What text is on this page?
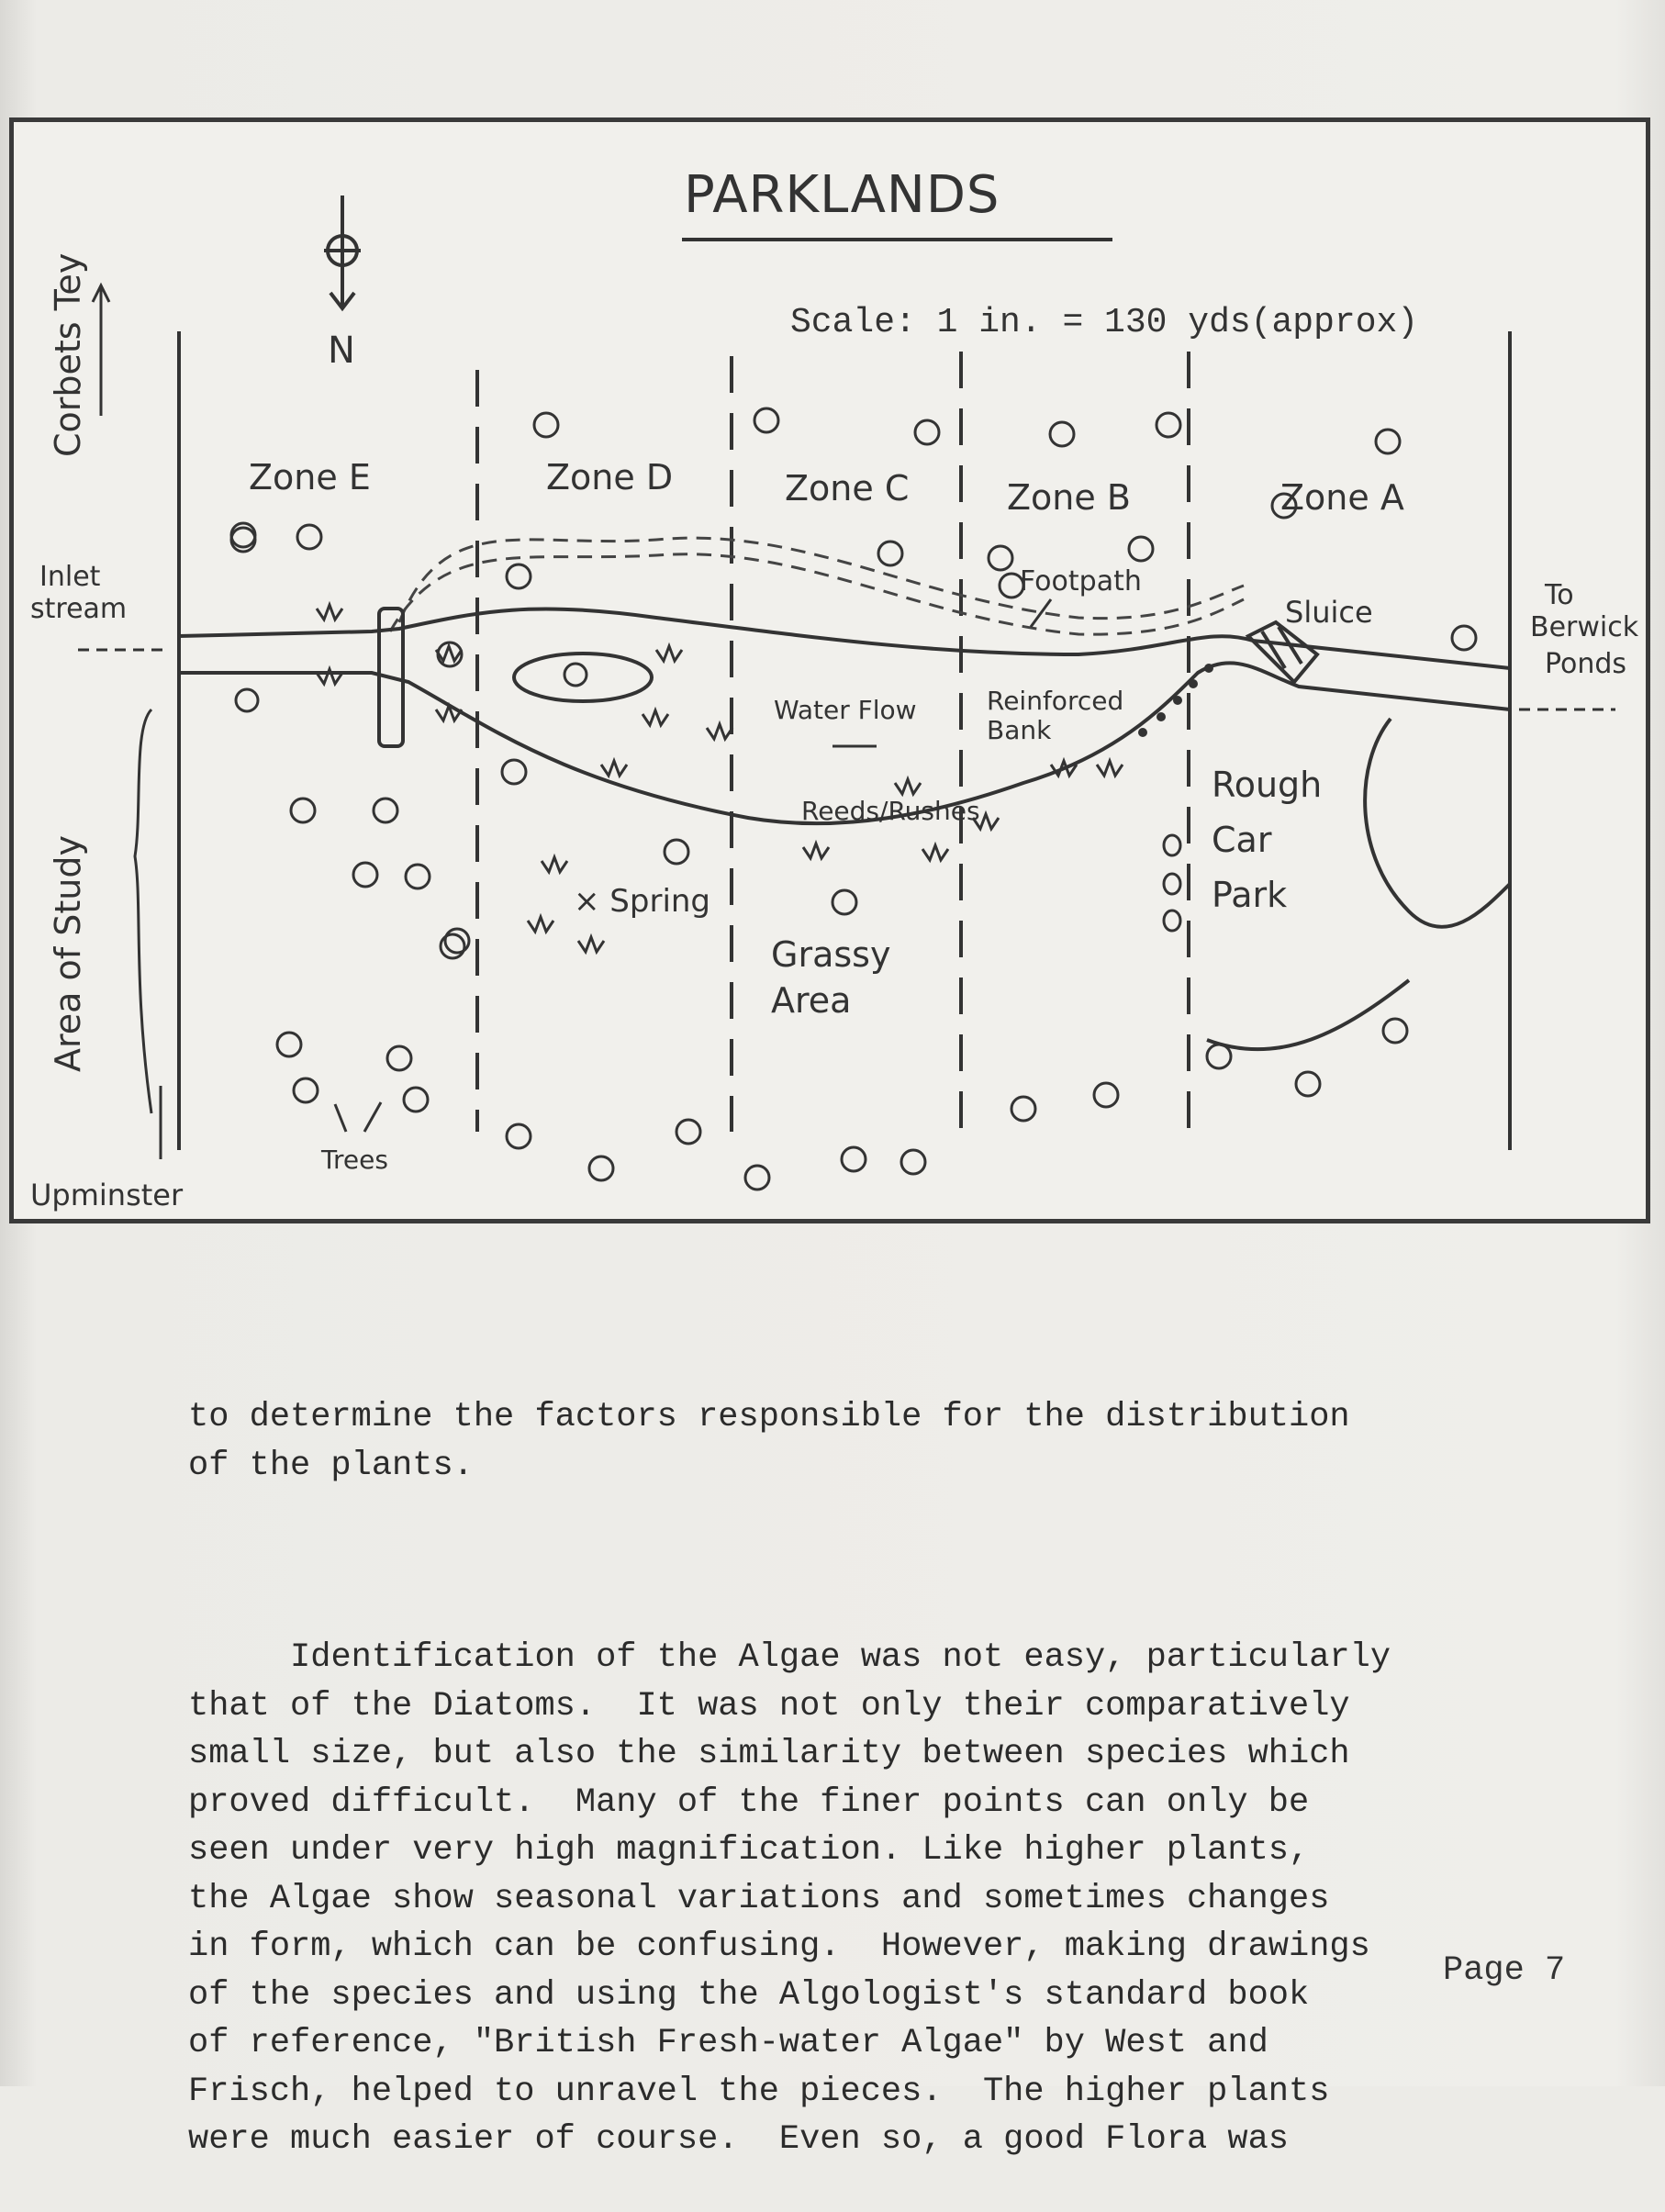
PARKLANDS
N
Scale: 1 in. = 130 yds(approx)
Corbets Tey
Zone E	Zone D	Zone C	Zone B	Zone A
Footpath
Inlet
stream	Sluice	To
Berwick
Ponds
Water Flow	Reinforced
Bank
Reeds/Rushes
× Spring
Grassy
Area
Rough
Car
Park
Area of Study
Upminster
Trees

to determine the factors responsible for the distribution
of the plants.

Identification of the Algae was not easy, particularly
that of the Diatoms.  It was not only their comparatively
small size, but also the similarity between species which
proved difficult.  Many of the finer points can only be
seen under very high magnification. Like higher plants,
the Algae show seasonal variations and sometimes changes
in form, which can be confusing.  However, making drawings
of the species and using the Algologist's standard book
of reference, "British Fresh-water Algae" by West and
Frisch, helped to unravel the pieces.  The higher plants
were much easier of course.  Even so, a good Flora was

Page 7
